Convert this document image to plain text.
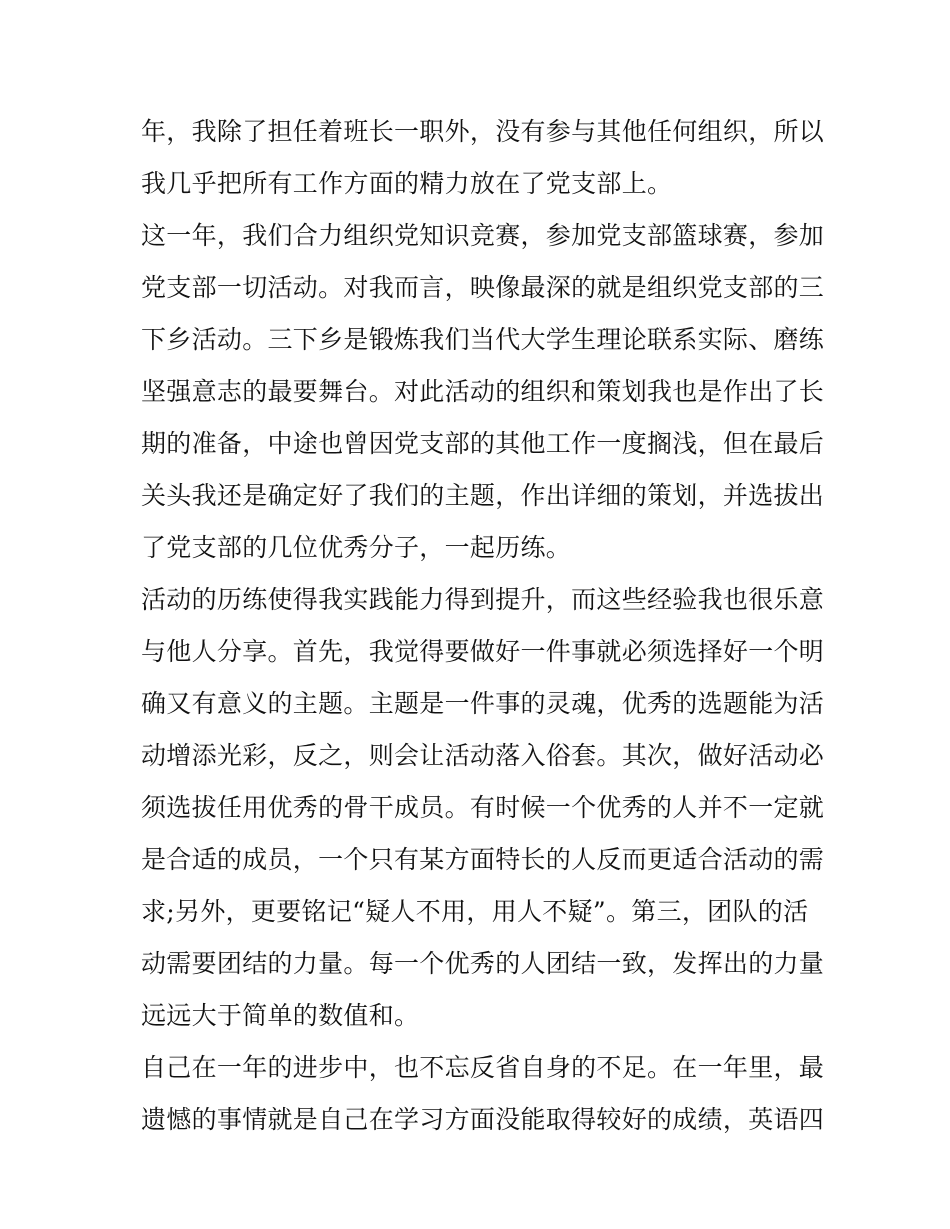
年，我除了担任着班长一职外，没有参与其他任何组织，所以
我几乎把所有工作方面的精力放在了党支部上。
这一年，我们合力组织党知识竞赛，参加党支部篮球赛，参加
党支部一切活动。对我而言，映像最深的就是组织党支部的三
下乡活动。三下乡是锻炼我们当代大学生理论联系实际、磨练
坚强意志的最要舞台。对此活动的组织和策划我也是作出了长
期的准备，中途也曾因党支部的其他工作一度搁浅，但在最后
关头我还是确定好了我们的主题，作出详细的策划，并选拔出
了党支部的几位优秀分子，一起历练。
活动的历练使得我实践能力得到提升，而这些经验我也很乐意
与他人分享。首先，我觉得要做好一件事就必须选择好一个明
确又有意义的主题。主题是一件事的灵魂，优秀的选题能为活
动增添光彩，反之，则会让活动落入俗套。其次，做好活动必
须选拔任用优秀的骨干成员。有时候一个优秀的人并不一定就
是合适的成员，一个只有某方面特长的人反而更适合活动的需
求;另外，更要铭记“疑人不用，用人不疑”。第三，团队的活
动需要团结的力量。每一个优秀的人团结一致，发挥出的力量
远远大于简单的数值和。
自己在一年的进步中，也不忘反省自身的不足。在一年里，最
遗憾的事情就是自己在学习方面没能取得较好的成绩，英语四
